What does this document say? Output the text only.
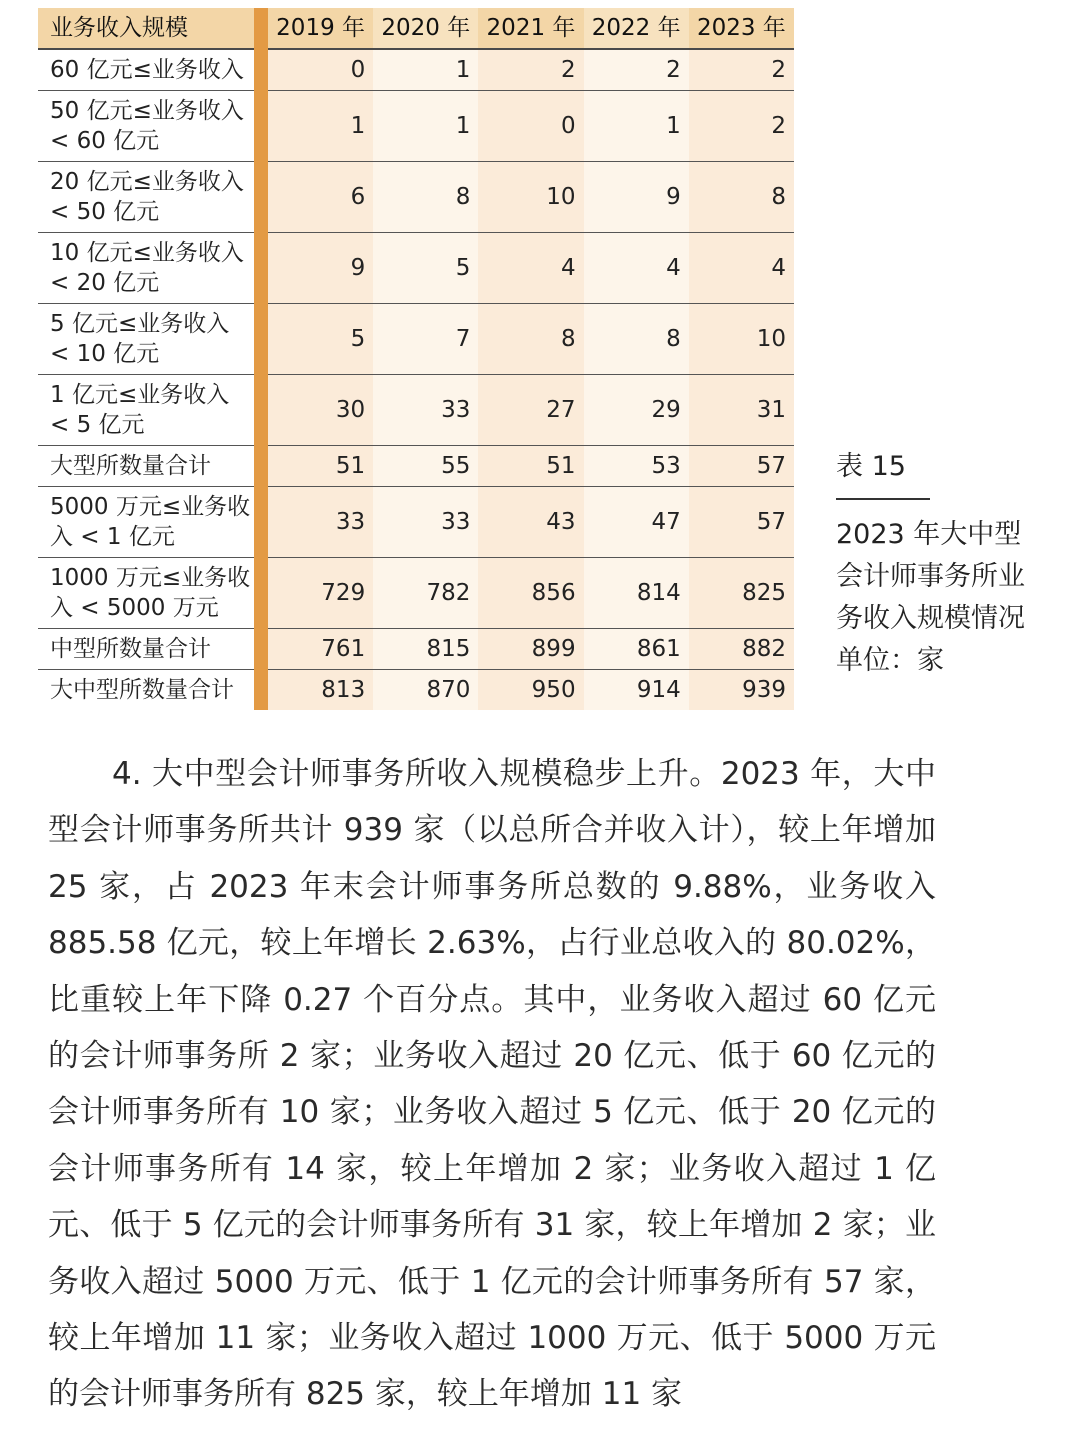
业务收入规模		2019 年	2020 年	2021 年	2022 年	2023 年
60 亿元≤业务收入		0	1	2	2	2
50 亿元≤业务收入 < 60 亿元		1	1	0	1	2
20 亿元≤业务收入 < 50 亿元		6	8	10	9	8
10 亿元≤业务收入 < 20 亿元		9	5	4	4	4
5 亿元≤业务收入 < 10 亿元		5	7	8	8	10
1 亿元≤业务收入 < 5 亿元		30	33	27	29	31
大型所数量合计		51	55	51	53	57
5000 万元≤业务收入 < 1 亿元		33	33	43	47	57
1000 万元≤业务收入 < 5000 万元		729	782	856	814	825
中型所数量合计		761	815	899	861	882
大中型所数量合计		813	870	950	914	939
表 15
2023 年大中型会计师事务所业务收入规模情况
单位：家

4. 大中型会计师事务所收入规模稳步上升。2023 年，大中型会计师事务所共计 939 家（以总所合并收入计），较上年增加 25 家，占 2023 年末会计师事务所总数的 9.88%，业务收入 885.58 亿元，较上年增长 2.63%，占行业总收入的 80.02%，比重较上年下降 0.27 个百分点。其中，业务收入超过 60 亿元的会计师事务所 2 家；业务收入超过 20 亿元、低于 60 亿元的会计师事务所有 10 家；业务收入超过 5 亿元、低于 20 亿元的会计师事务所有 14 家，较上年增加 2 家；业务收入超过 1 亿元、低于 5 亿元的会计师事务所有 31 家，较上年增加 2 家；业务收入超过 5000 万元、低于 1 亿元的会计师事务所有 57 家，较上年增加 11 家；业务收入超过 1000 万元、低于 5000 万元的会计师事务所有 825 家，较上年增加 11 家
